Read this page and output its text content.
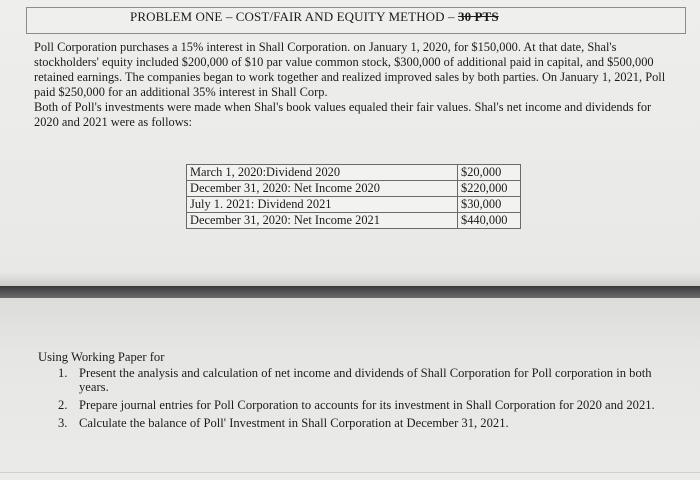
PROBLEM ONE – COST/FAIR AND EQUITY METHOD – 30 PTS

Poll Corporation purchases a 15% interest in Shall Corporation. on January 1, 2020, for $150,000. At that date, Shal's stockholders' equity included $200,000 of $10 par value common stock, $300,000 of additional paid in capital, and $500,000 retained earnings. The companies began to work together and realized improved sales by both parties. On January 1, 2021, Poll paid $250,000 for an additional 35% interest in Shall Corp.

Both of Poll's investments were made when Shal's book values equaled their fair values. Shal's net income and dividends for 2020 and 2021 were as follows:

March 1, 2020:Dividend 2020	$20,000
December 31, 2020: Net Income 2020	$220,000
July 1. 2021: Dividend 2021	$30,000
December 31, 2020: Net Income 2021	$440,000
Using Working Paper for
1. Present the analysis and calculation of net income and dividends of Shall Corporation for Poll corporation in both years.
2. Prepare journal entries for Poll Corporation to accounts for its investment in Shall Corporation for 2020 and 2021.
3. Calculate the balance of Poll' Investment in Shall Corporation at December 31, 2021.
